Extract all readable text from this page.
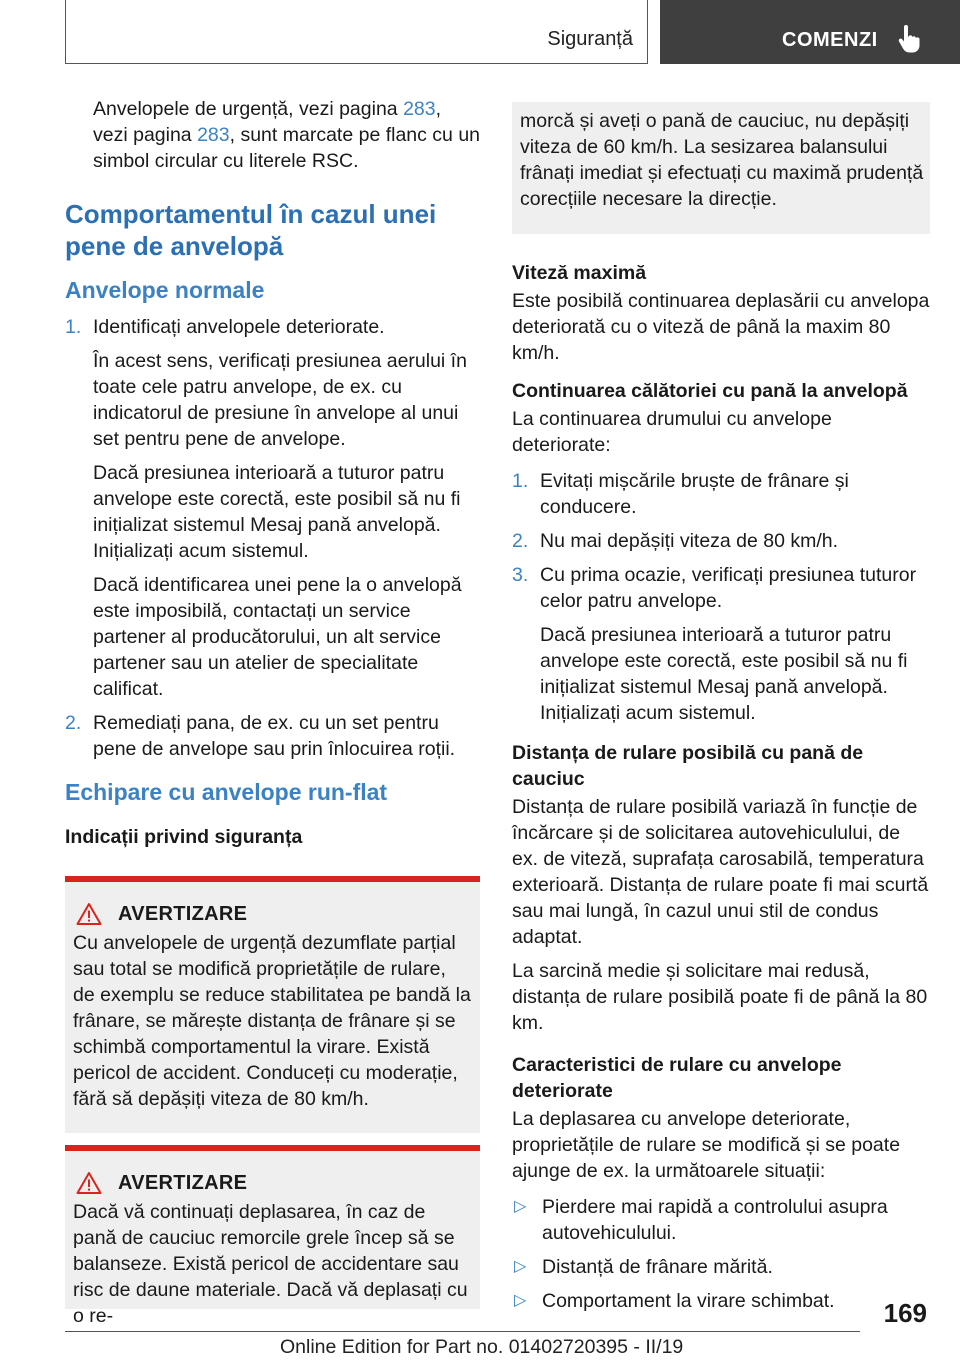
Siguranță	COMENZI

Anvelopele de urgență, vezi pagina 283, vezi pagina 283, sunt marcate pe flanc cu un simbol circular cu literele RSC.

Comportamentul în cazul unei pene de anvelopă
Anvelope normale
1. Identificați anvelopele deteriorate.

În acest sens, verificați presiunea aerului în toate cele patru anvelope, de ex. cu indicatorul de presiune în anvelope al unui set pentru pene de anvelope.

Dacă presiunea interioară a tuturor patru anvelope este corectă, este posibil să nu fi inițializat sistemul Mesaj pană anvelopă. Inițializați acum sistemul.

Dacă identificarea unei pene la o anvelopă este imposibilă, contactați un service partener al producătorului, un alt service partener sau un atelier de specialitate calificat.

2. Remediați pana, de ex. cu un set pentru pene de anvelope sau prin înlocuirea roții.
Echipare cu anvelope run-flat
Indicații privind siguranța
AVERTIZARE

Cu anvelopele de urgență dezumflate parțial sau total se modifică proprietățile de rulare, de exemplu se reduce stabilitatea pe bandă la frânare, se mărește distanța de frânare și se schimbă comportamentul la virare. Există pericol de accident. Conduceți cu moderație, fără să depășiți viteza de 80 km/h.

AVERTIZARE

Dacă vă continuați deplasarea, în caz de pană de cauciuc remorcile grele încep să se balanseze. Există pericol de accidentare sau risc de daune materiale. Dacă vă deplasați cu o re-

morcă și aveți o pană de cauciuc, nu depășiți viteza de 60 km/h. La sesizarea balansului frânați imediat și efectuați cu maximă prudență corecțiile necesare la direcție.

Viteză maximă

Este posibilă continuarea deplasării cu anvelopa deteriorată cu o viteză de până la maxim 80 km/h.

Continuarea călătoriei cu pană la anvelopă

La continuarea drumului cu anvelope deteriorate:

1. Evitați mișcările bruște de frânare și conducere.
2. Nu mai depășiți viteza de 80 km/h.
3. Cu prima ocazie, verificați presiunea tuturor celor patru anvelope.

Dacă presiunea interioară a tuturor patru anvelope este corectă, este posibil să nu fi inițializat sistemul Mesaj pană anvelopă. Inițializați acum sistemul.

Distanța de rulare posibilă cu pană de cauciuc

Distanța de rulare posibilă variază în funcție de încărcare și de solicitarea autovehiculului, de ex. de viteză, suprafața carosabilă, temperatura exterioară. Distanța de rulare poate fi mai scurtă sau mai lungă, în cazul unui stil de condus adaptat.

La sarcină medie și solicitare mai redusă, distanța de rulare posibilă poate fi de până la 80 km.

Caracteristici de rulare cu anvelope deteriorate

La deplasarea cu anvelope deteriorate, proprietățile de rulare se modifică și se poate ajunge de ex. la următoarele situații:

▷ Pierdere mai rapidă a controlului asupra autovehiculului.
▷ Distanță de frânare mărită.
▷ Comportament la virare schimbat.	169
Online Edition for Part no. 01402720395 - II/19
